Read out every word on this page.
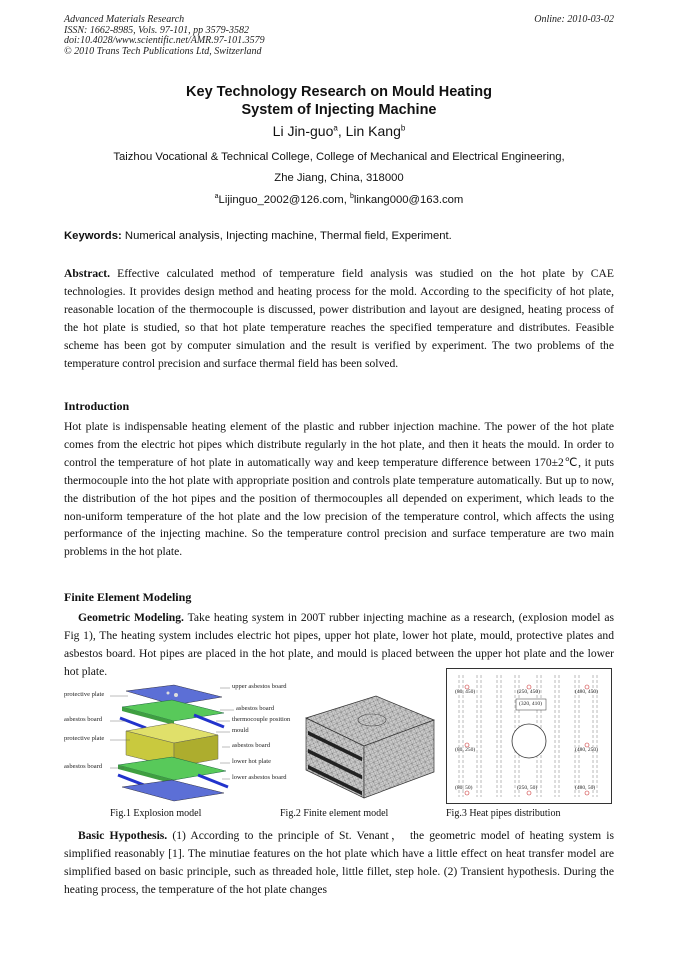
Advanced Materials Research
ISSN: 1662-8985, Vols. 97-101, pp 3579-3582
doi:10.4028/www.scientific.net/AMR.97-101.3579
© 2010 Trans Tech Publications Ltd, Switzerland
Online: 2010-03-02
Key Technology Research on Mould Heating
System of Injecting Machine
Li Jin-guo$^a$, Lin Kang$^b$
Taizhou Vocational & Technical College, College of Mechanical and Electrical Engineering,
Zhe Jiang, China, 318000
$^a$Lijinguo_2002@126.com, $^b$linkang000@163.com
Keywords: Numerical analysis, Injecting machine, Thermal field, Experiment.

Abstract. Effective calculated method of temperature field analysis was studied on the hot plate by CAE technologies. It provides design method and heating process for the mold. According to the specificity of hot plate, reasonable location of the thermocouple is discussed, power distribution and layout are designed, heating process of the hot plate is studied, so that hot plate temperature reaches the specified temperature and distributes. Feasible scheme has been got by computer simulation and the result is verified by experiment. The two problems of the temperature control precision and surface thermal field has been solved.

Introduction

Hot plate is indispensable heating element of the plastic and rubber injection machine. The power of the hot plate comes from the electric hot pipes which distribute regularly in the hot plate, and then it heats the mould. In order to control the temperature of hot plate in automatically way and keep temperature difference between 170±2℃, it puts thermocouple into the hot plate with appropriate position and controls plate temperature automatically. But up to now, the distribution of the hot pipes and the position of thermocouples all depended on experiment, which leads to the non-uniform temperature of the hot plate and the low precision of the temperature control, which affects the using performance of the injecting machine. So the temperature control precision and surface temperature are two main problems in the hot plate.

Finite Element Modeling

Geometric Modeling. Take heating system in 200T rubber injecting machine as a research, (explosion model as Fig 1), The heating system includes electric hot pipes, upper hot plate, lower hot plate, mould, protective plates and asbestos board. Hot pipes are placed in the hot plate, and mould is placed between the upper hot plate and the lower hot plate.

protective plate
asbestos board
protective plate
asbestos board
upper asbestos board
asbestos board
thermocouple position
mould
asbestos board
lower hot plate
lower asbestos board
(80, 450)	(250, 450)	(480, 450)
(320, 410)
(80, 250)	(480, 250)
(80, 50)	(250, 50)	(480, 50)
Fig.1 Explosion model	Fig.2 Finite element model	Fig.3 Heat pipes distribution

Basic Hypothesis. (1) According to the principle of St. Venant， the geometric model of heating system is simplified reasonably [1]. The minutiae features on the hot plate which have a little effect on heat transfer model are simplified based on basic principle, such as threaded hole, little fillet, step hole. (2) Transient hypothesis. During the heating process, the temperature of the hot plate changes
